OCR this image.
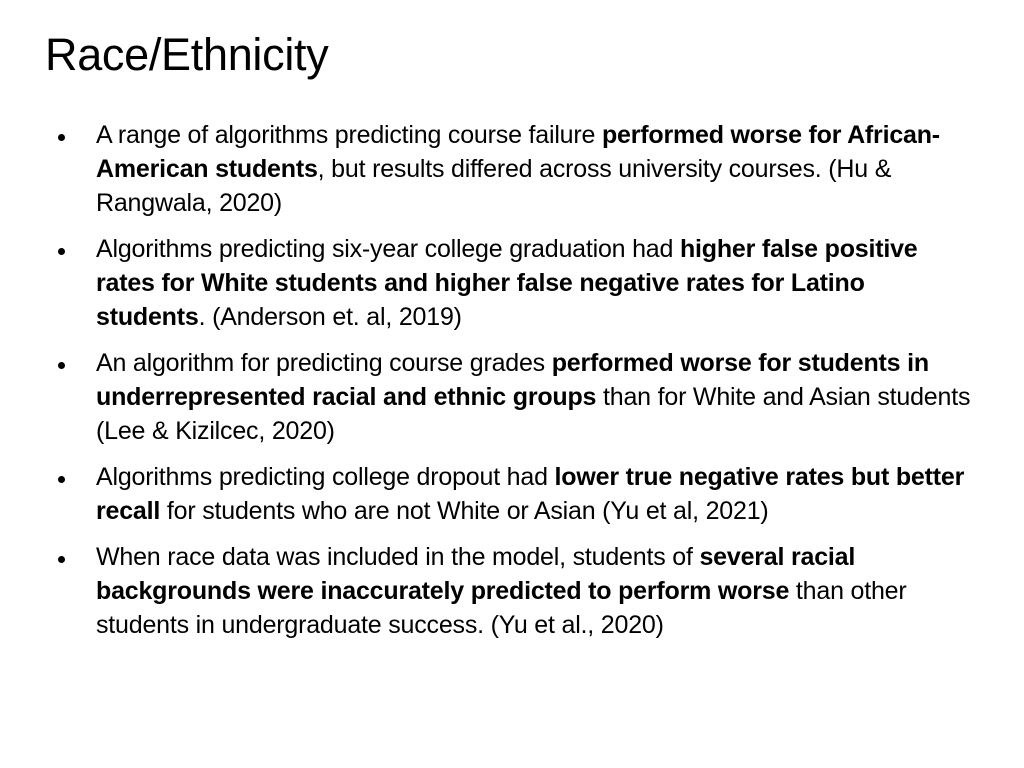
Race/Ethnicity
A range of algorithms predicting course failure performed worse for African-American students, but results differed across university courses. (Hu & Rangwala, 2020)
Algorithms predicting six-year college graduation had higher false positive rates for White students and higher false negative rates for Latino students. (Anderson et. al, 2019)
An algorithm for predicting course grades performed worse for students in underrepresented racial and ethnic groups than for White and Asian students (Lee & Kizilcec, 2020)
Algorithms predicting college dropout had lower true negative rates but better recall for students who are not White or Asian (Yu et al, 2021)
When race data was included in the model, students of several racial backgrounds were inaccurately predicted to perform worse than other students in undergraduate success. (Yu et al., 2020)
